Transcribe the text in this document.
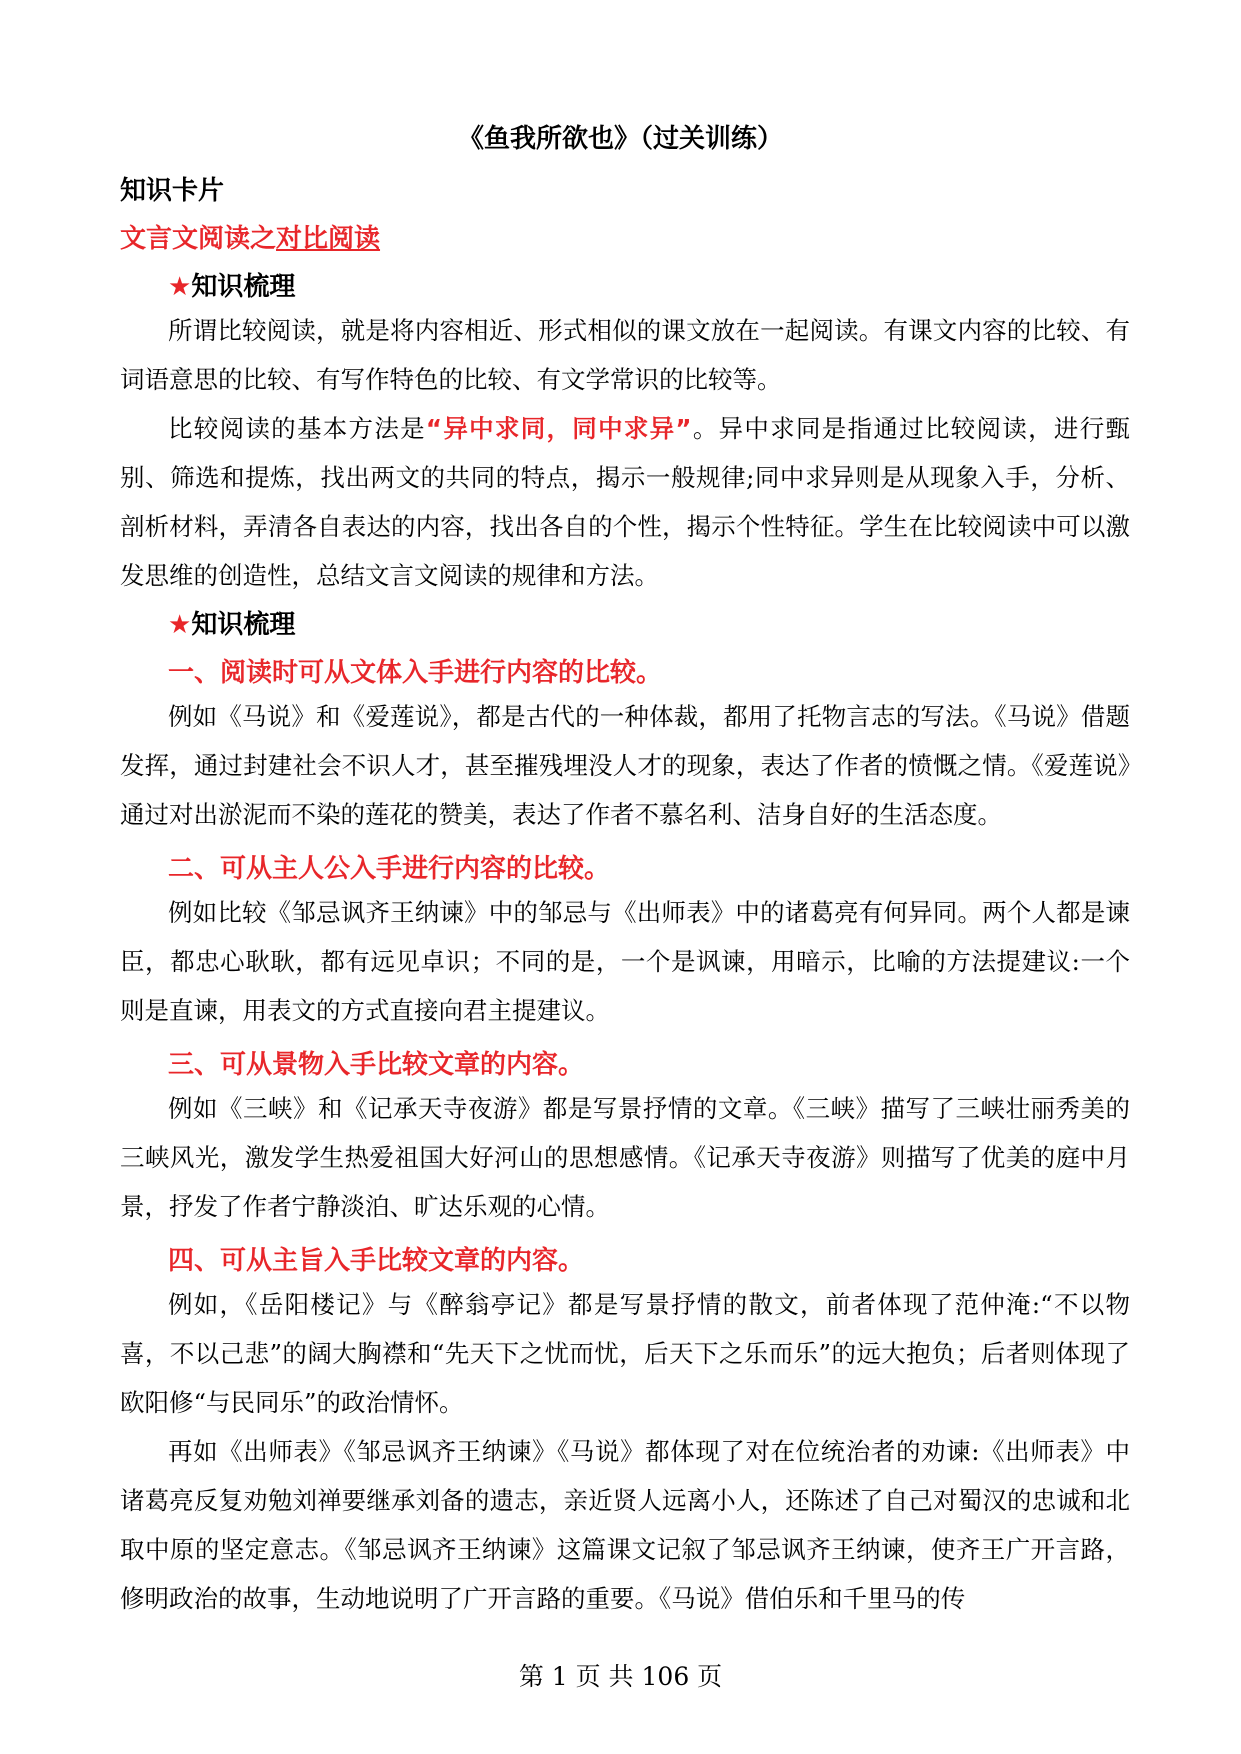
《鱼我所欲也》（过关训练）
知识卡片
文言文阅读之对比阅读
★知识梳理
所谓比较阅读，就是将内容相近、形式相似的课文放在一起阅读。有课文内容的比较、有词语意思的比较、有写作特色的比较、有文学常识的比较等。
比较阅读的基本方法是“异中求同，同中求异”。异中求同是指通过比较阅读，进行甄别、筛选和提炼，找出两文的共同的特点，揭示一般规律;同中求异则是从现象入手，分析、剖析材料，弄清各自表达的内容，找出各自的个性，揭示个性特征。学生在比较阅读中可以激发思维的创造性，总结文言文阅读的规律和方法。
★知识梳理
一、阅读时可从文体入手进行内容的比较。
例如《马说》和《爱莲说》，都是古代的一种体裁，都用了托物言志的写法。《马说》借题发挥，通过封建社会不识人才，甚至摧残埋没人才的现象，表达了作者的愤慨之情。《爱莲说》通过对出淤泥而不染的莲花的赞美，表达了作者不慕名利、洁身自好的生活态度。
二、可从主人公入手进行内容的比较。
例如比较《邹忌讽齐王纳谏》中的邹忌与《出师表》中的诸葛亮有何异同。两个人都是谏臣，都忠心耿耿，都有远见卓识；不同的是，一个是讽谏，用暗示，比喻的方法提建议:一个则是直谏，用表文的方式直接向君主提建议。
三、可从景物入手比较文章的内容。
例如《三峡》和《记承天寺夜游》都是写景抒情的文章。《三峡》描写了三峡壮丽秀美的三峡风光，激发学生热爱祖国大好河山的思想感情。《记承天寺夜游》则描写了优美的庭中月景，抒发了作者宁静淡泊、旷达乐观的心情。
四、可从主旨入手比较文章的内容。
例如，《岳阳楼记》与《醉翁亭记》都是写景抒情的散文，前者体现了范仲淹:“不以物喜，不以己悲”的阔大胸襟和“先天下之忧而忧，后天下之乐而乐”的远大抱负；后者则体现了欧阳修“与民同乐”的政治情怀。
再如《出师表》《邹忌讽齐王纳谏》《马说》都体现了对在位统治者的劝谏:《出师表》中诸葛亮反复劝勉刘禅要继承刘备的遗志，亲近贤人远离小人，还陈述了自己对蜀汉的忠诚和北取中原的坚定意志。《邹忌讽齐王纳谏》这篇课文记叙了邹忌讽齐王纳谏，使齐王广开言路，修明政治的故事，生动地说明了广开言路的重要。《马说》借伯乐和千里马的传
第 1 页 共 106 页
